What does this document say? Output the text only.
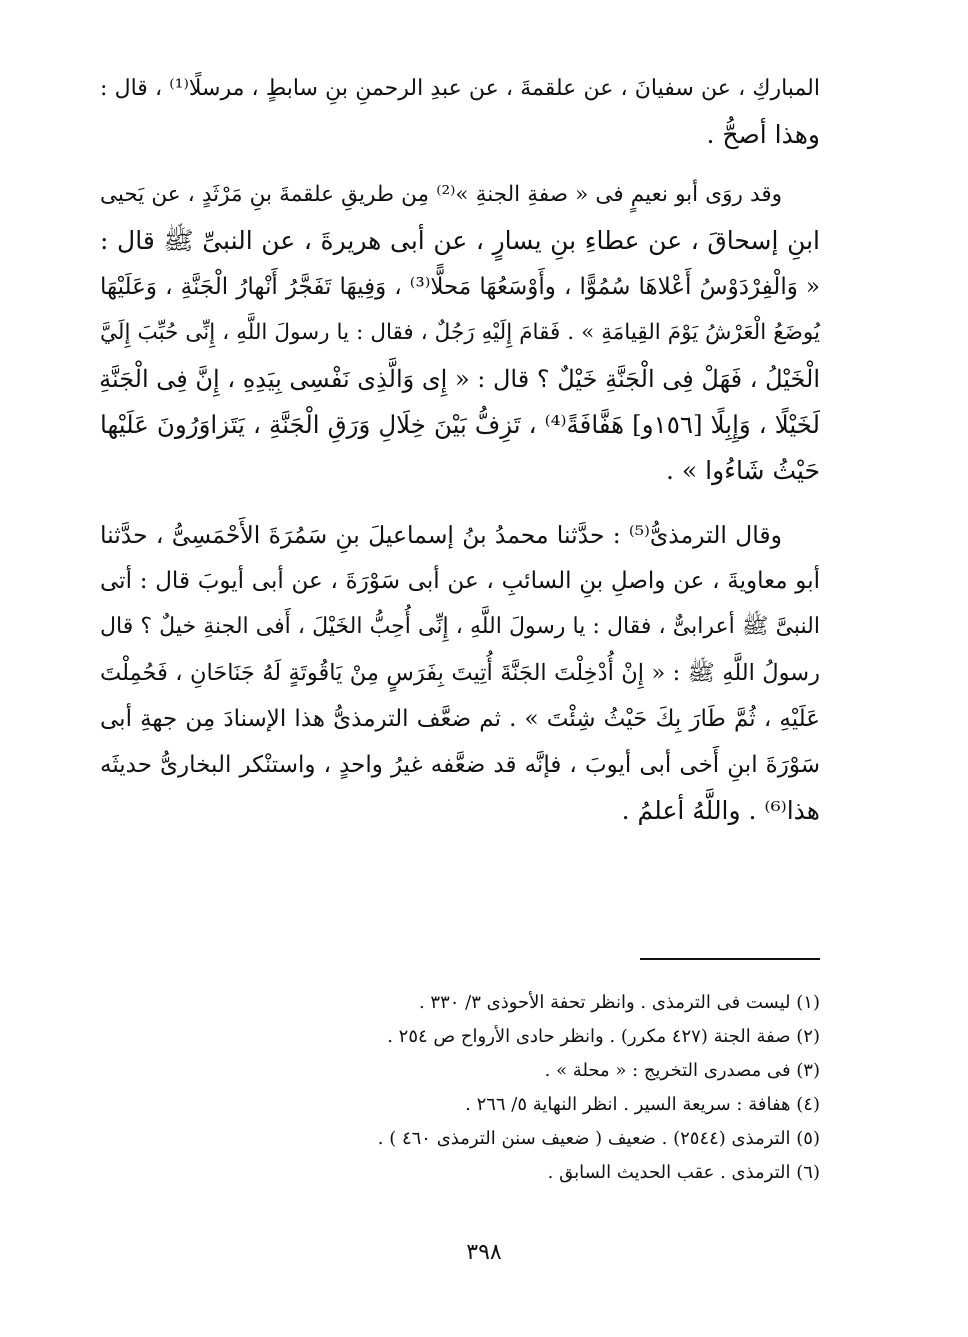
المباركِ ، عن سفيانَ ، عن علقمةَ ، عن عبدِ الرحمنِ بنِ سابطٍ ، مرسلًا⁽¹⁾ ، قال :
وهذا أصحُّ .

وقد روَى أبو نعيمٍ فى « صفةِ الجنةِ »⁽²⁾ مِن طريقِ علقمةَ بنِ مَرْثَدٍ ، عن يَحيى
ابنِ إسحاقَ ، عن عطاءِ بنِ يسارٍ ، عن أبى هريرةَ ، عن النبىِّ ﷺ قال :
« وَالْفِرْدَوْسُ أَعْلاهَا سُمُوًّا ، وأَوْسَعُهَا مَحلًّا⁽³⁾ ، وَفِيهَا تَفَجَّرُ أَنْهارُ الْجَنَّةِ ، وَعَلَيْهَا
يُوضَعُ الْعَرْشُ يَوْمَ القِيامَةِ » . فَقامَ إِلَيْهِ رَجُلٌ ، فقال : يا رسولَ اللَّهِ ، إِنِّى حُبِّبَ إِلَيَّ
الْخَيْلُ ، فَهَلْ فِى الْجَنَّةِ خَيْلٌ ؟ قال : « إِى وَالَّذِى نَفْسِى بِيَدِهِ ، إِنَّ فِى الْجَنَّةِ
لَخَيْلًا ، وَإِبِلًا [١٥٦و] هَفَّافَةً⁽⁴⁾ ، تَزِفُّ بَيْنَ خِلَالِ وَرَقِ الْجَنَّةِ ، يَتَزاوَرُونَ عَلَيْها
حَيْثُ شَاءُوا » .

وقال الترمذىُّ⁽⁵⁾ : حدَّثنا محمدُ بنُ إسماعيلَ بنِ سَمُرَةَ الأَحْمَسِىُّ ، حدَّثنا
أبو معاويةَ ، عن واصلِ بنِ السائبِ ، عن أبى سَوْرَةَ ، عن أبى أيوبَ قال : أتى
النبىَّ ﷺ أعرابىٌّ ، فقال : يا رسولَ اللَّهِ ، إِنِّى أُحِبُّ الخَيْلَ ، أَفى الجنةِ خيلٌ ؟ قال
رسولُ اللَّهِ ﷺ : « إِنْ أُدْخِلْتَ الجَنَّةَ أُتِيتَ بِفَرَسٍ مِنْ يَاقُوتَةٍ لَهُ جَنَاحَانِ ، فَحُمِلْتَ
عَلَيْهِ ، ثُمَّ طَارَ بِكَ حَيْثُ شِئْتَ » . ثم ضعَّف الترمذىُّ هذا الإسنادَ مِن جهةِ أبى
سَوْرَةَ ابنِ أَخى أبى أيوبَ ، فإنَّه قد ضعَّفه غيرُ واحدٍ ، واستنْكر البخارىُّ حديثَه
هذا⁽⁶⁾ . واللَّهُ أعلمُ .

(١) ليست فى الترمذى . وانظر تحفة الأحوذى ٣/ ٣٣٠ .
(٢) صفة الجنة (٤٢٧ مكرر) . وانظر حادى الأرواح ص ٢٥٤ .
(٣) فى مصدرى التخريج : « محلة » .
(٤) هفافة : سريعة السير . انظر النهاية ٥/ ٢٦٦ .
(٥) الترمذى (٢٥٤٤) . ضعيف ( ضعيف سنن الترمذى ٤٦٠ ) .
(٦) الترمذى . عقب الحديث السابق .
٣٩٨
